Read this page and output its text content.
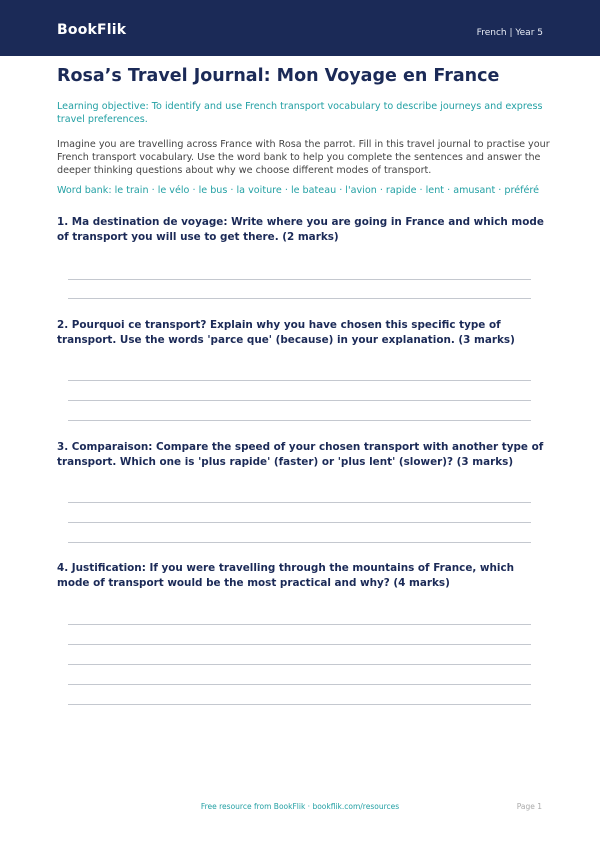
BookFlik	French | Year 5
Rosa’s Travel Journal: Mon Voyage en France
Learning objective: To identify and use French transport vocabulary to describe journeys and express travel preferences.
Imagine you are travelling across France with Rosa the parrot. Fill in this travel journal to practise your French transport vocabulary. Use the word bank to help you complete the sentences and answer the deeper thinking questions about why we choose different modes of transport.
Word bank: le train · le vélo · le bus · la voiture · le bateau · l'avion · rapide · lent · amusant · préféré
1. Ma destination de voyage: Write where you are going in France and which mode of transport you will use to get there. (2 marks)
2. Pourquoi ce transport? Explain why you have chosen this specific type of transport. Use the words 'parce que' (because) in your explanation. (3 marks)
3. Comparaison: Compare the speed of your chosen transport with another type of transport. Which one is 'plus rapide' (faster) or 'plus lent' (slower)? (3 marks)
4. Justification: If you were travelling through the mountains of France, which mode of transport would be the most practical and why? (4 marks)
Free resource from BookFlik · bookflik.com/resources	Page 1
